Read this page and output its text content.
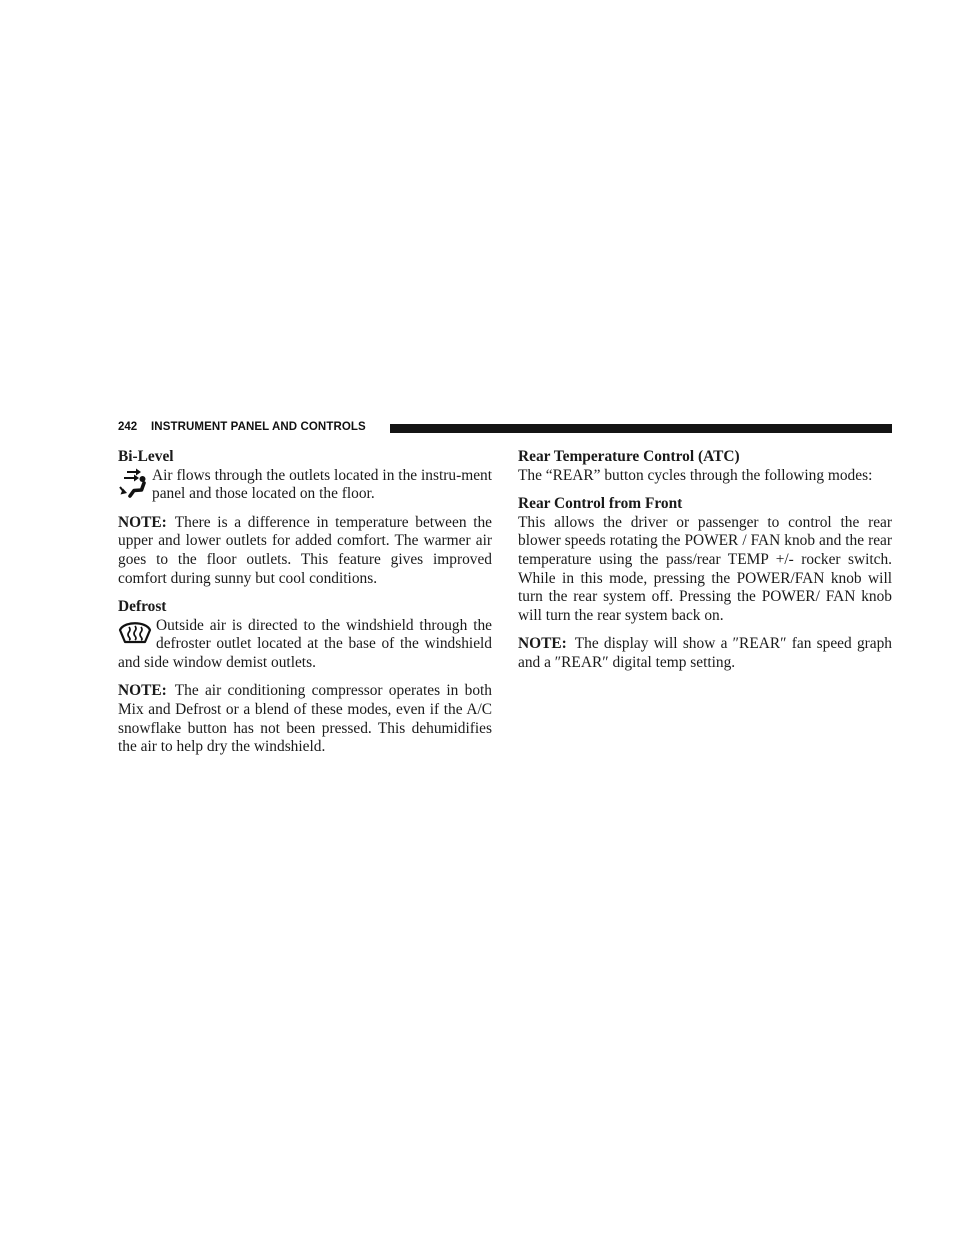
242 INSTRUMENT PANEL AND CONTROLS
Bi-Level

Air flows through the outlets located in the instru-ment panel and those located on the floor.

NOTE: There is a difference in temperature between the upper and lower outlets for added comfort. The warmer air goes to the floor outlets. This feature gives improved comfort during sunny but cool conditions.

Defrost

Outside air is directed to the windshield through the defroster outlet located at the base of the windshield and side window demist outlets.

NOTE: The air conditioning compressor operates in both Mix and Defrost or a blend of these modes, even if the A/C snowflake button has not been pressed. This dehumidifies the air to help dry the windshield.

Rear Temperature Control (ATC)

The “REAR” button cycles through the following modes:

Rear Control from Front

This allows the driver or passenger to control the rear blower speeds rotating the POWER / FAN knob and the rear temperature using the pass/rear TEMP +/- rocker switch. While in this mode, pressing the POWER/FAN knob will turn the rear system off. Pressing the POWER/ FAN knob will turn the rear system back on.

NOTE: The display will show a ″REAR″ fan speed graph and a ″REAR″ digital temp setting.
